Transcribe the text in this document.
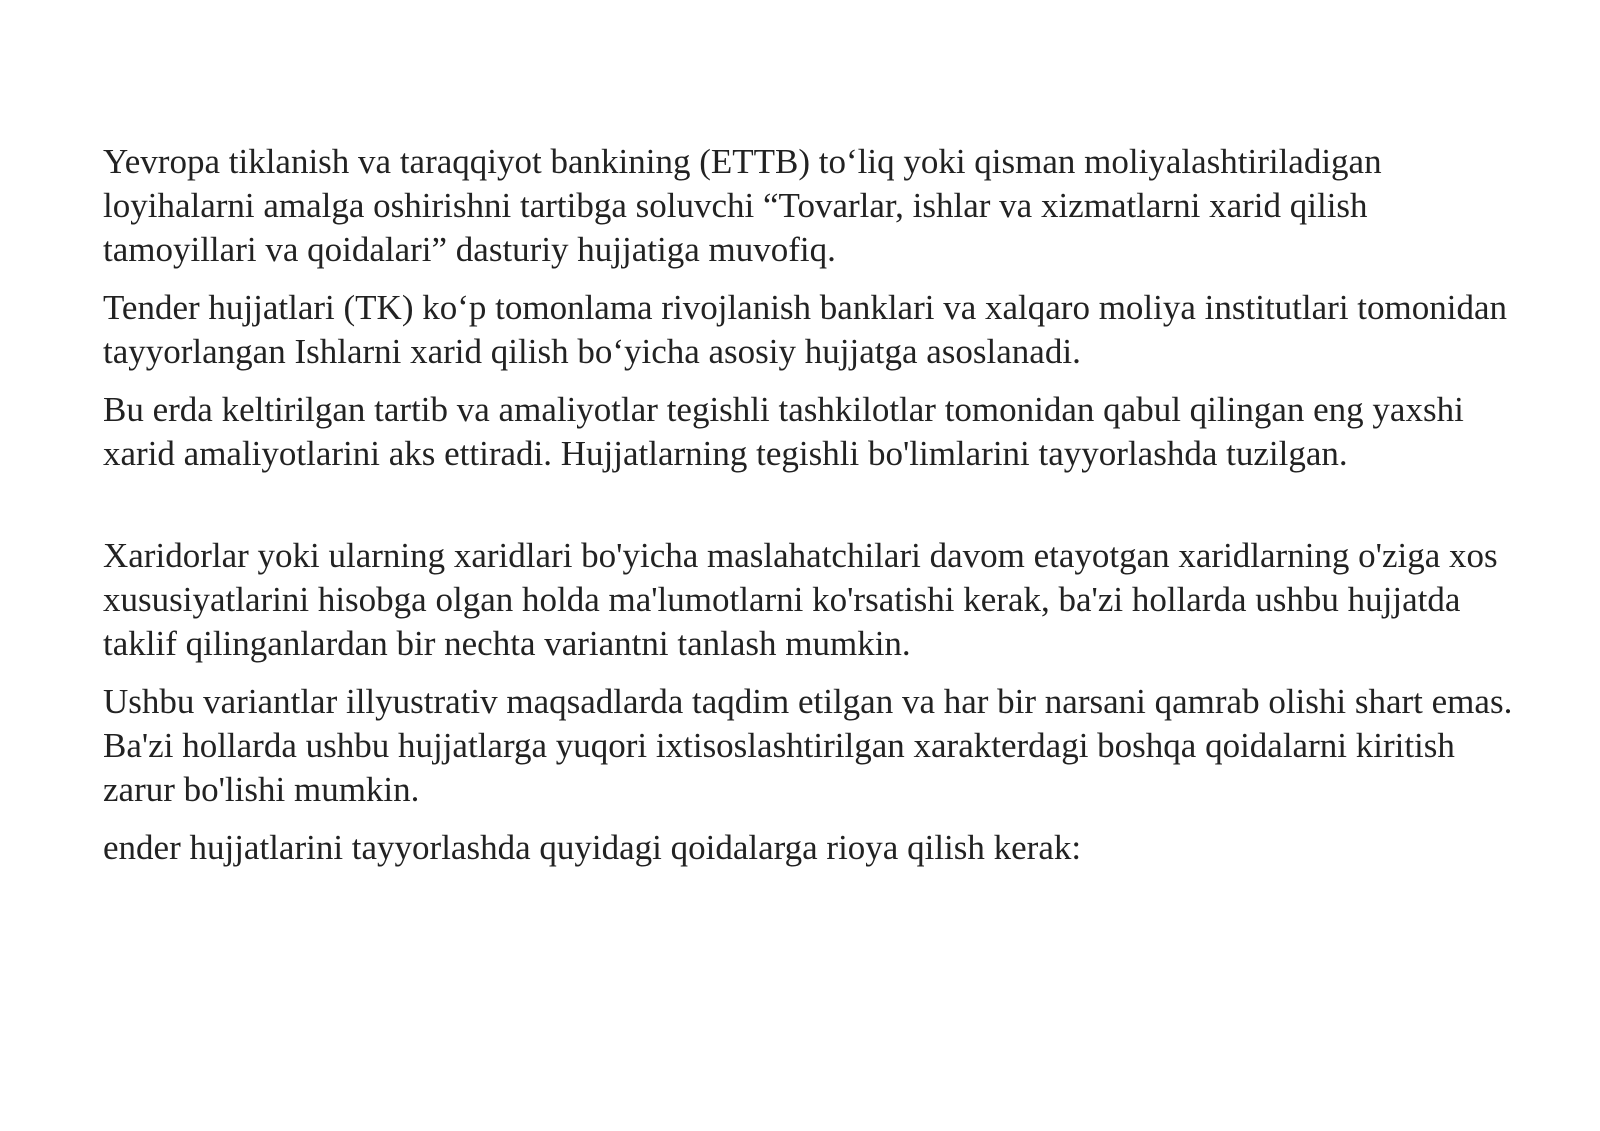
Yevropa tiklanish va taraqqiyot bankining (ETTB) to‘liq yoki qisman moliyalashtiriladigan loyihalarni amalga oshirishni tartibga soluvchi “Tovarlar, ishlar va xizmatlarni xarid qilish tamoyillari va qoidalari” dasturiy hujjatiga muvofiq.

Tender hujjatlari (TK) ko‘p tomonlama rivojlanish banklari va xalqaro moliya institutlari tomonidan tayyorlangan Ishlarni xarid qilish bo‘yicha asosiy hujjatga asoslanadi.

Bu erda keltirilgan tartib va amaliyotlar tegishli tashkilotlar tomonidan qabul qilingan eng yaxshi xarid amaliyotlarini aks ettiradi. Hujjatlarning tegishli bo'limlarini tayyorlashda tuzilgan.

Xaridorlar yoki ularning xaridlari bo'yicha maslahatchilari davom etayotgan xaridlarning o'ziga xos xususiyatlarini hisobga olgan holda ma'lumotlarni ko'rsatishi kerak, ba'zi hollarda ushbu hujjatda taklif qilinganlardan bir nechta variantni tanlash mumkin.

Ushbu variantlar illyustrativ maqsadlarda taqdim etilgan va har bir narsani qamrab olishi shart emas. Ba'zi hollarda ushbu hujjatlarga yuqori ixtisoslashtirilgan xarakterdagi boshqa qoidalarni kiritish zarur bo'lishi mumkin.

ender hujjatlarini tayyorlashda quyidagi qoidalarga rioya qilish kerak:
